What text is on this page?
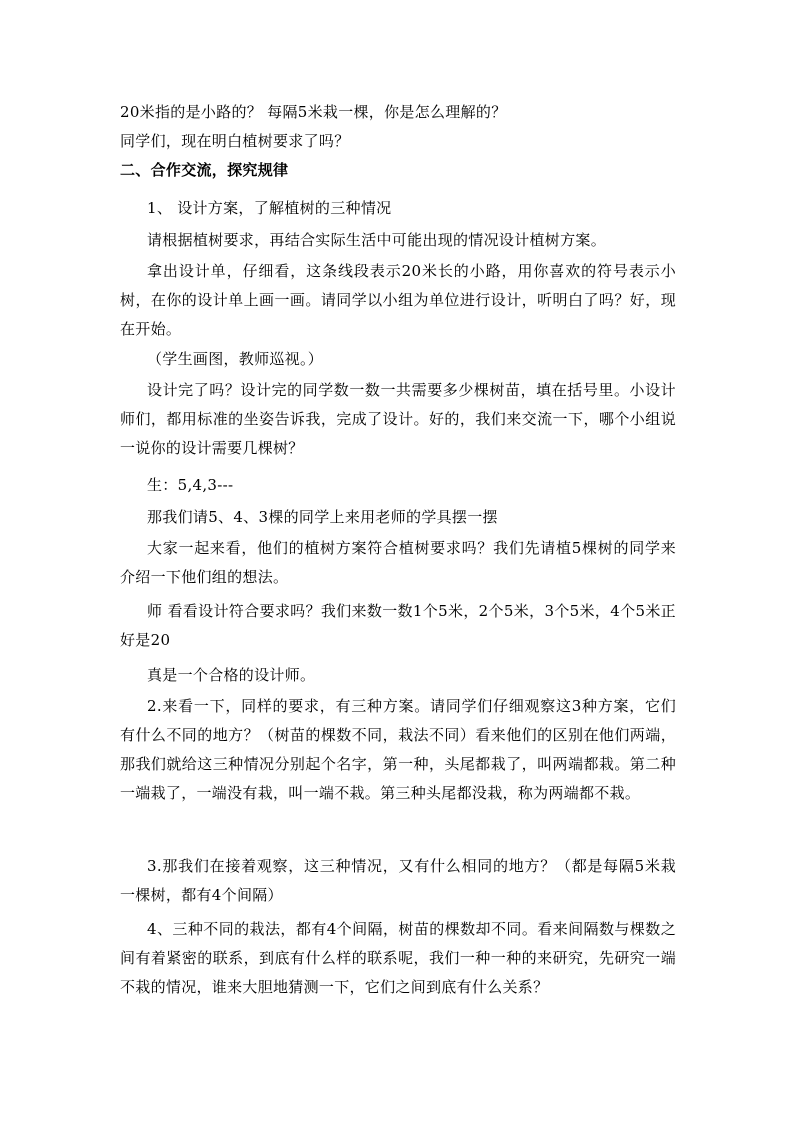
20米指的是小路的？ 每隔5米栽一棵，你是怎么理解的？

同学们，现在明白植树要求了吗？

二、合作交流，探究规律

1、 设计方案，了解植树的三种情况

请根据植树要求，再结合实际生活中可能出现的情况设计植树方案。

拿出设计单，仔细看，这条线段表示20米长的小路，用你喜欢的符号表示小树，在你的设计单上画一画。请同学以小组为单位进行设计，听明白了吗？好，现在开始。

（学生画图，教师巡视。）

设计完了吗？设计完的同学数一数一共需要多少棵树苗，填在括号里。小设计师们，都用标准的坐姿告诉我，完成了设计。好的，我们来交流一下，哪个小组说一说你的设计需要几棵树？

生：5,4,3---

那我们请5、4、3棵的同学上来用老师的学具摆一摆

大家一起来看，他们的植树方案符合植树要求吗？我们先请植5棵树的同学来介绍一下他们组的想法。

师 看看设计符合要求吗？我们来数一数1个5米，2个5米，3个5米，4个5米正好是20

真是一个合格的设计师。

2.来看一下，同样的要求，有三种方案。请同学们仔细观察这3种方案，它们有什么不同的地方？（树苗的棵数不同，栽法不同）看来他们的区别在他们两端，那我们就给这三种情况分别起个名字，第一种，头尾都栽了，叫两端都栽。第二种一端栽了，一端没有栽，叫一端不栽。第三种头尾都没栽，称为两端都不栽。

3.那我们在接着观察，这三种情况，又有什么相同的地方？（都是每隔5米栽一棵树，都有4个间隔）

4、三种不同的栽法，都有4个间隔，树苗的棵数却不同。看来间隔数与棵数之间有着紧密的联系，到底有什么样的联系呢，我们一种一种的来研究，先研究一端不栽的情况，谁来大胆地猜测一下，它们之间到底有什么关系？
